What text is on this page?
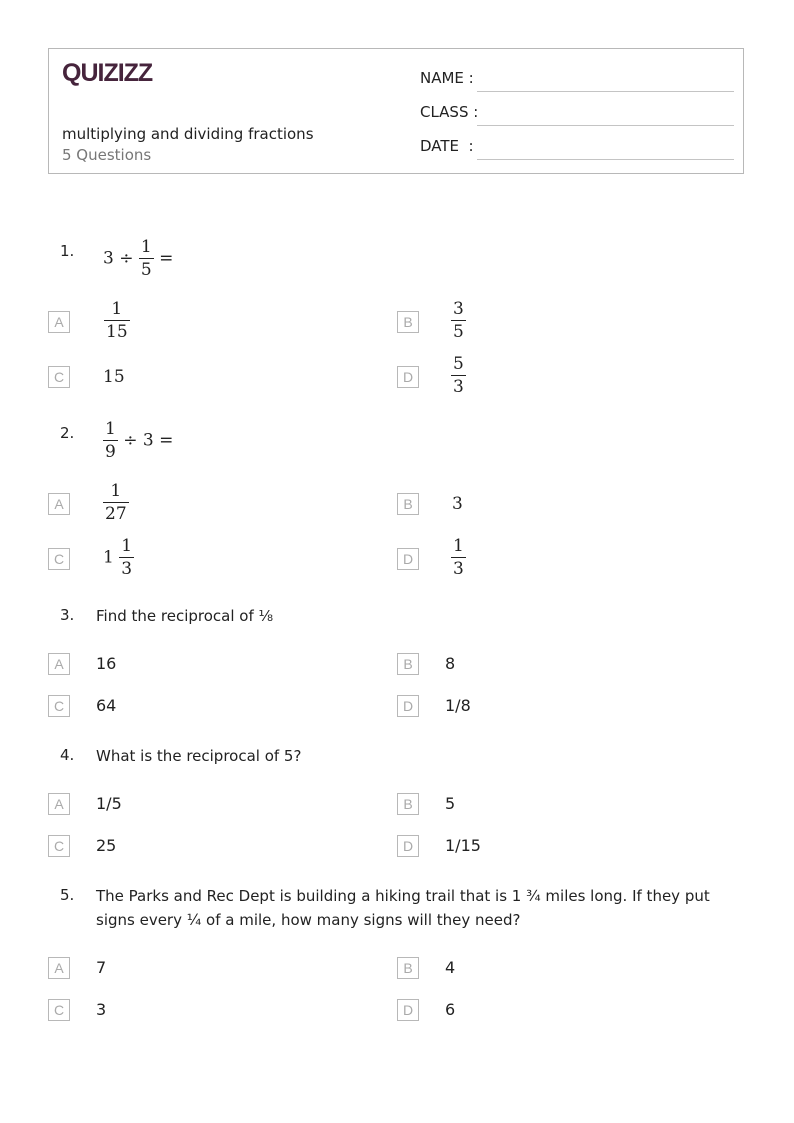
QUIZIZZ
multiplying and dividing fractions
5 Questions
NAME :
CLASS :
DATE  :
1. $3 \div \frac{1}{5}$ =
A	$\frac{1}{15}$	B	$\frac{3}{5}$
C	15	D	$\frac{5}{3}$
2. $\frac{1}{9} \div 3$ =
A	$\frac{1}{27}$	B	3
C	$1 \frac{1}{3}$	D	$\frac{1}{3}$
3. Find the reciprocal of ⅛
A	16	B	8
C	64	D	1/8
4. What is the reciprocal of 5?
A	1/5	B	5
C	25	D	1/15
5. The Parks and Rec Dept is building a hiking trail that is 1 ¾ miles long. If they put signs every ¼ of a mile, how many signs will they need?
A	7	B	4
C	3	D	6
